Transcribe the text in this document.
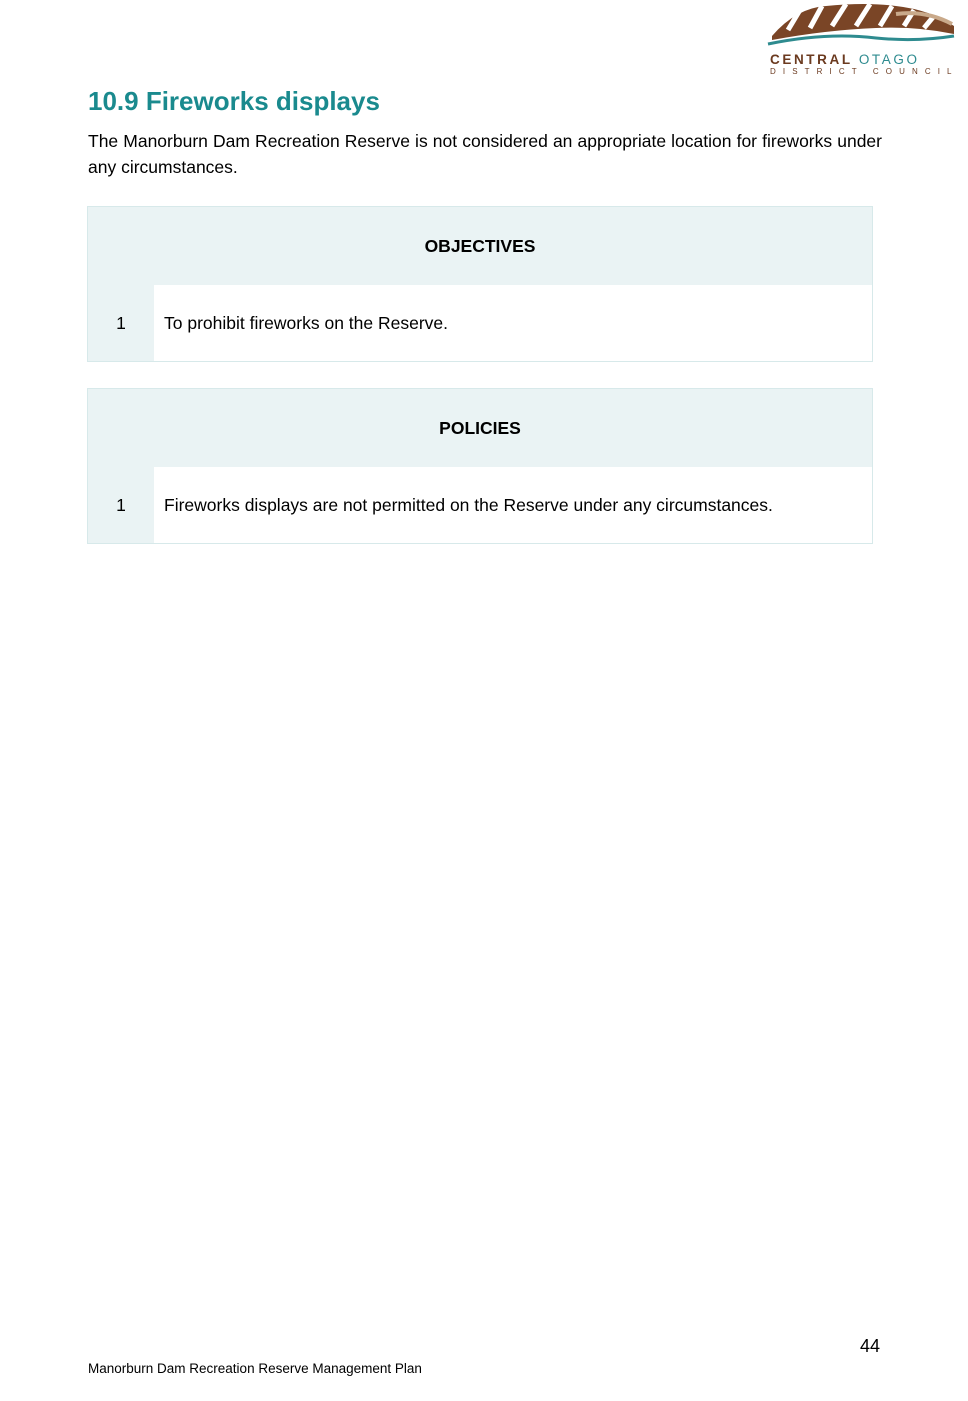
CENTRAL OTAGO
DISTRICT COUNCIL
10.9 Fireworks displays

The Manorburn Dam Recreation Reserve is not considered an appropriate location for fireworks under any circumstances.

OBJECTIVES
1	To prohibit fireworks on the Reserve.
POLICIES
1	Fireworks displays are not permitted on the Reserve under any circumstances.
44
Manorburn Dam Recreation Reserve Management Plan
